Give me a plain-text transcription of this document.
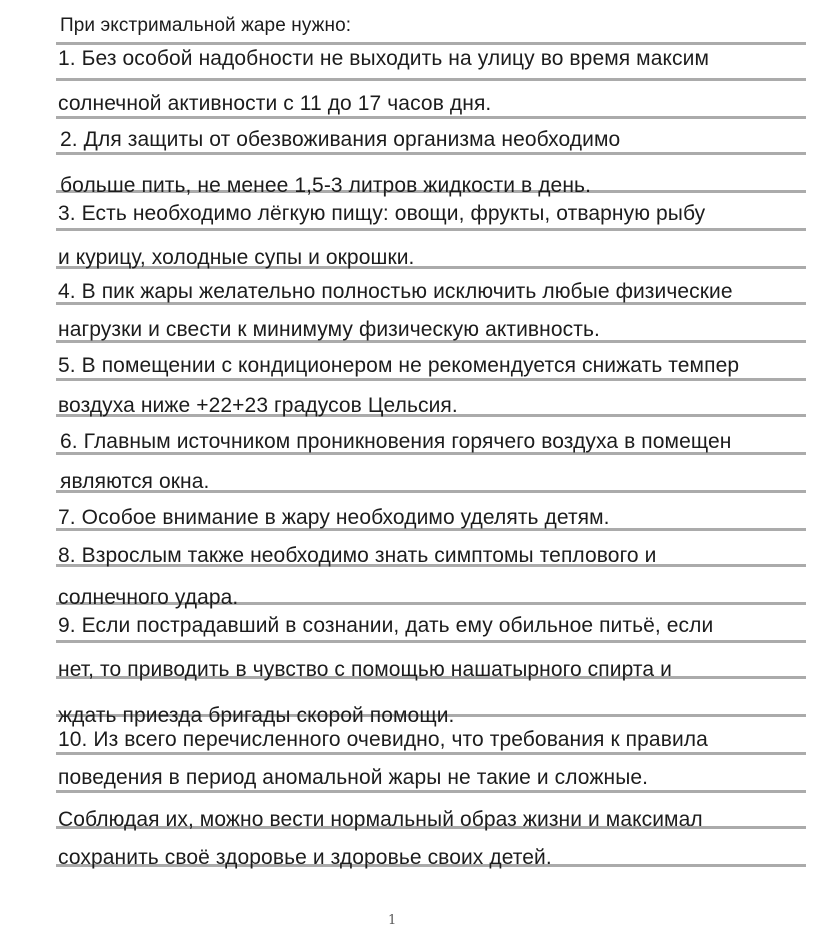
При экстримальной жаре нужно:
1. Без особой надобности не выходить на улицу во время максим
солнечной активности с 11 до 17 часов дня.
2. Для защиты от обезвоживания организма необходимо
больше пить, не менее 1,5-3 литров жидкости в день.
3. Есть необходимо лёгкую пищу: овощи, фрукты, отварную рыбу
и курицу, холодные супы и окрошки.
4. В пик жары желательно полностью исключить любые физические
нагрузки и свести к минимуму физическую активность.
5. В помещении с кондиционером не рекомендуется снижать темпер
воздуха ниже +22+23 градусов Цельсия.
6. Главным источником проникновения горячего воздуха в помещен
являются окна.
7. Особое внимание в жару необходимо уделять детям.
8. Взрослым также необходимо знать симптомы теплового и
солнечного удара.
9. Если пострадавший в сознании, дать ему обильное питьё, если
нет, то приводить в чувство с помощью нашатырного спирта и
ждать приезда бригады скорой помощи.
10. Из всего перечисленного очевидно, что требования к правила
поведения в период аномальной жары не такие и сложные.
Соблюдая их, можно вести нормальный образ жизни и максимал
сохранить своё здоровье и здоровье своих детей.
1
